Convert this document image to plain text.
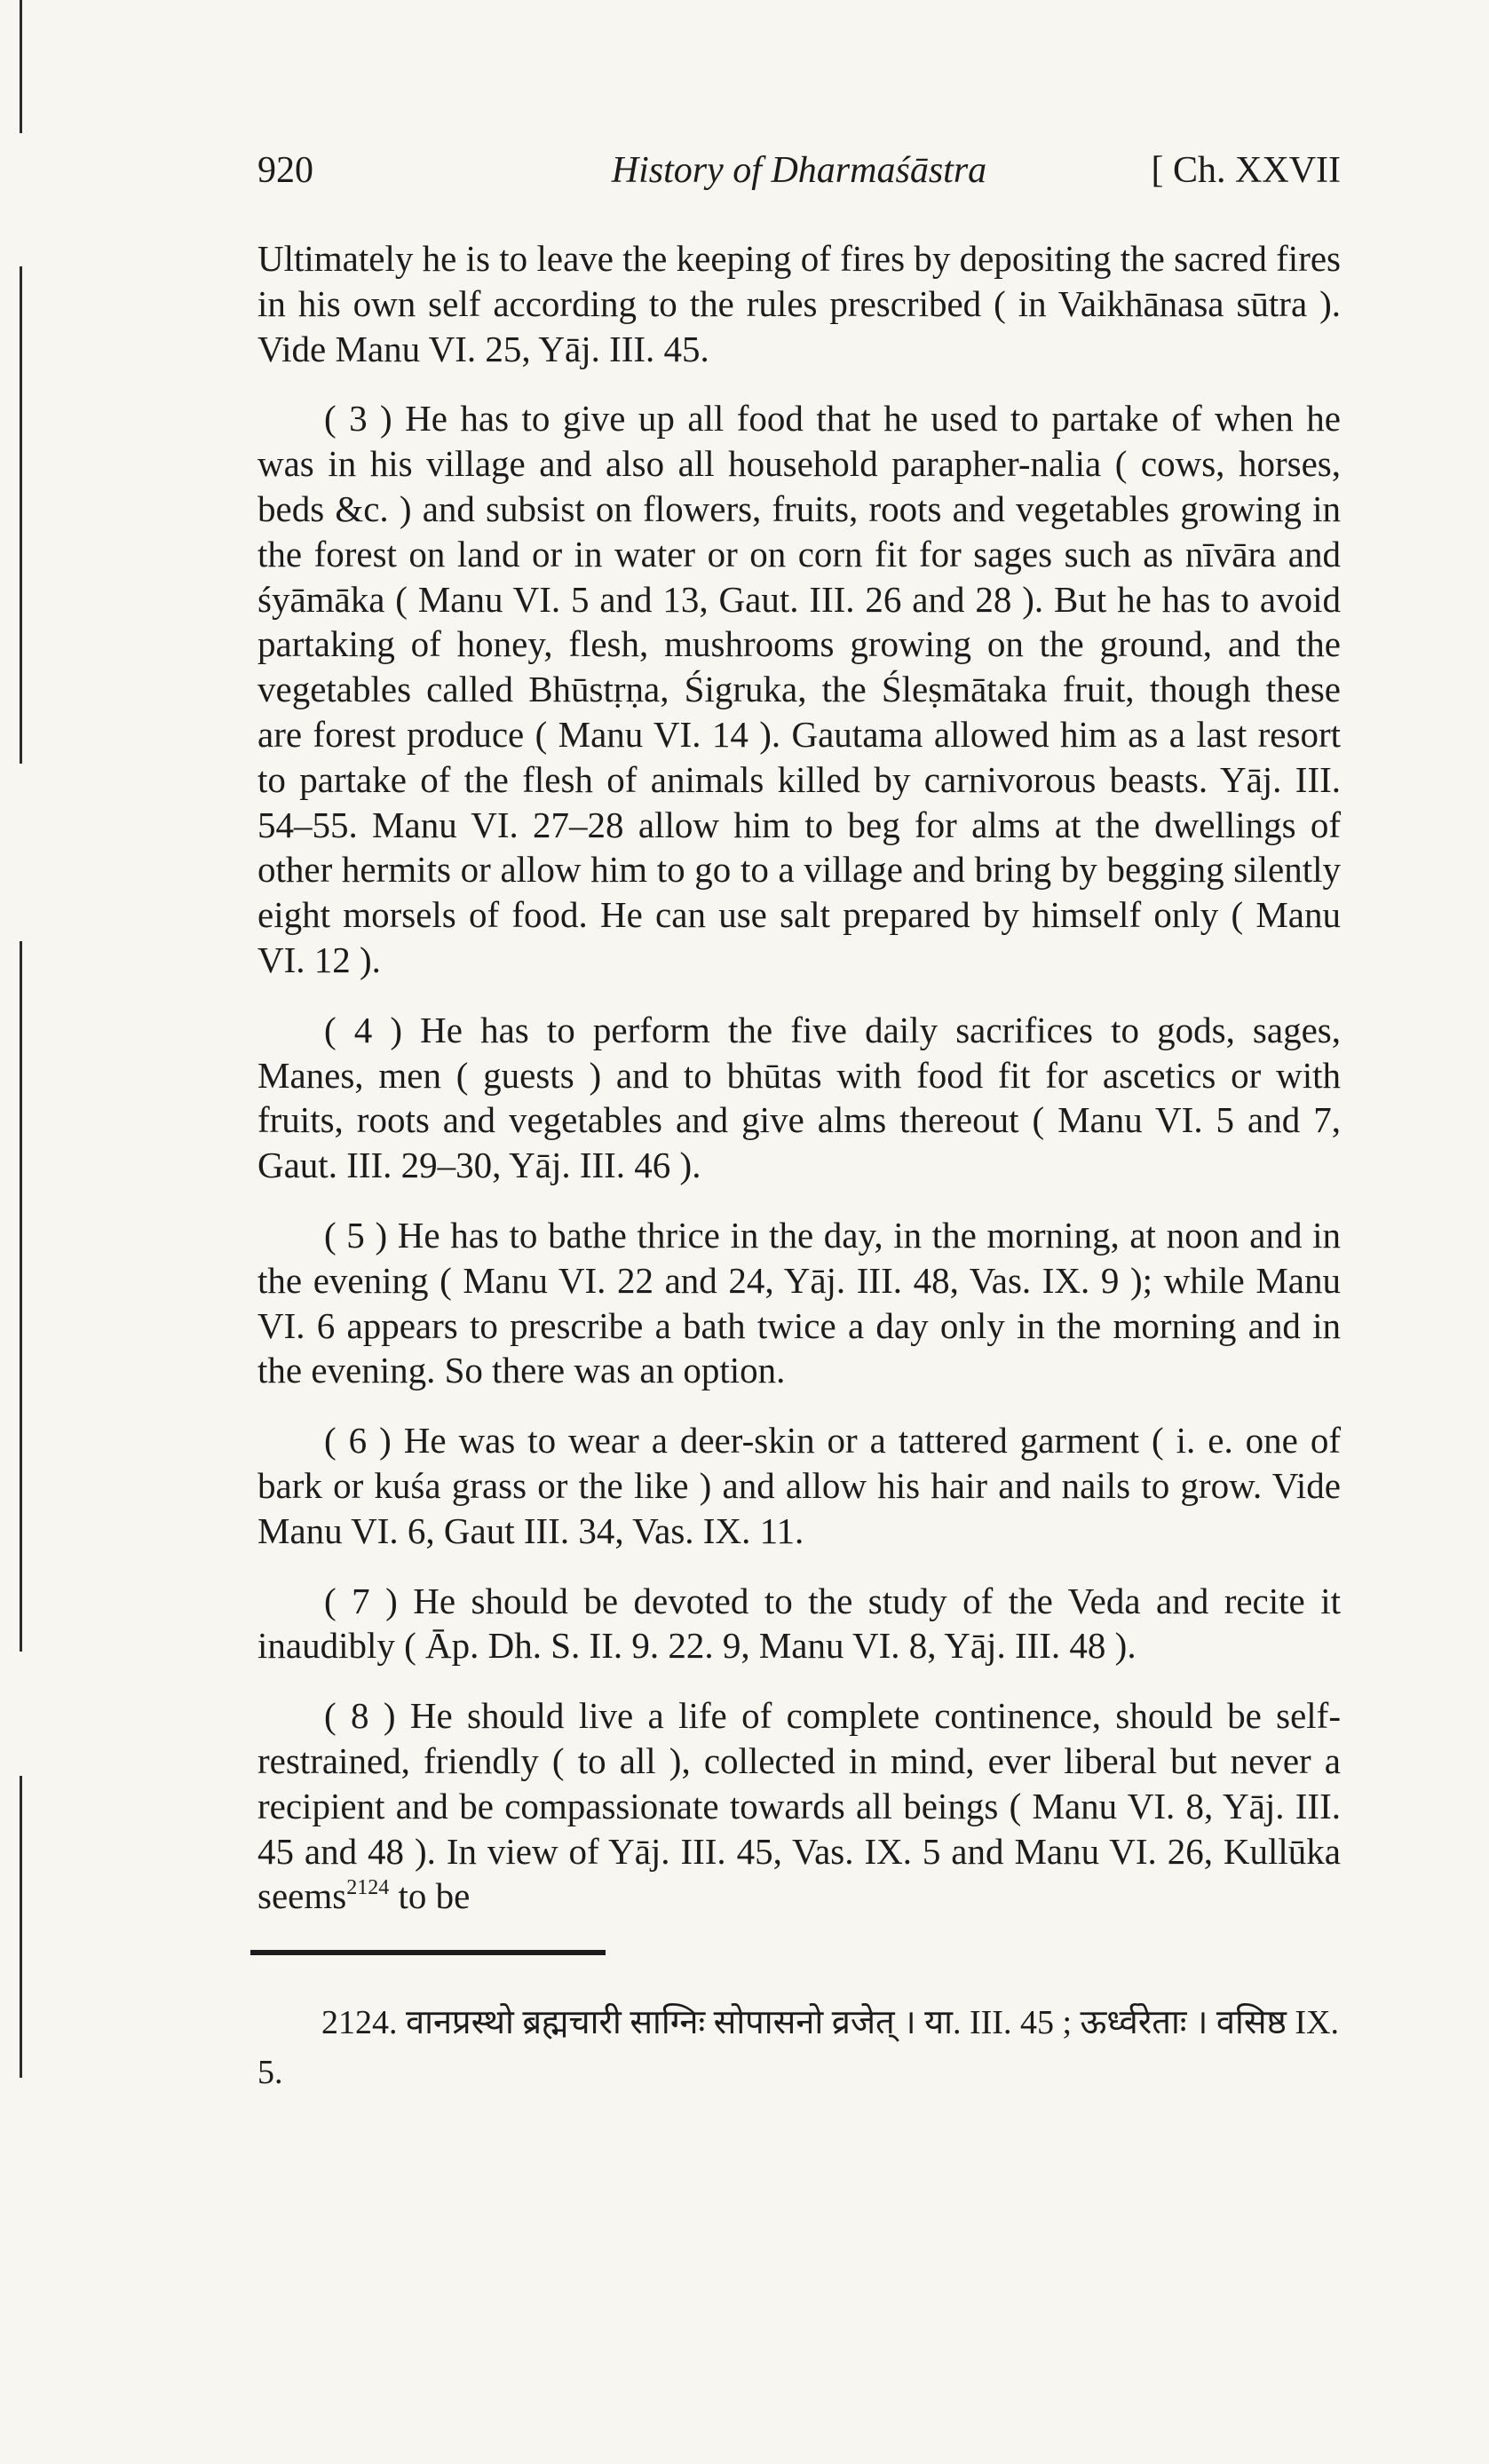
920	History of Dharmaśāstra	[ Ch. XXVII

Ultimately he is to leave the keeping of fires by depositing the sacred fires in his own self according to the rules prescribed ( in Vaikhānasa sūtra ). Vide Manu VI. 25, Yāj. III. 45.

( 3 ) He has to give up all food that he used to partake of when he was in his village and also all household parapher-nalia ( cows, horses, beds &c. ) and subsist on flowers, fruits, roots and vegetables growing in the forest on land or in water or on corn fit for sages such as nīvāra and śyāmāka ( Manu VI. 5 and 13, Gaut. III. 26 and 28 ). But he has to avoid partaking of honey, flesh, mushrooms growing on the ground, and the vegetables called Bhūstṛṇa, Śigruka, the Śleṣmātaka fruit, though these are forest produce ( Manu VI. 14 ). Gautama allowed him as a last resort to partake of the flesh of animals killed by carnivorous beasts. Yāj. III. 54–55. Manu VI. 27–28 allow him to beg for alms at the dwellings of other hermits or allow him to go to a village and bring by begging silently eight morsels of food. He can use salt prepared by himself only ( Manu VI. 12 ).

( 4 ) He has to perform the five daily sacrifices to gods, sages, Manes, men ( guests ) and to bhūtas with food fit for ascetics or with fruits, roots and vegetables and give alms thereout ( Manu VI. 5 and 7, Gaut. III. 29–30, Yāj. III. 46 ).

( 5 ) He has to bathe thrice in the day, in the morning, at noon and in the evening ( Manu VI. 22 and 24, Yāj. III. 48, Vas. IX. 9 ); while Manu VI. 6 appears to prescribe a bath twice a day only in the morning and in the evening. So there was an option.

( 6 ) He was to wear a deer-skin or a tattered garment ( i. e. one of bark or kuśa grass or the like ) and allow his hair and nails to grow. Vide Manu VI. 6, Gaut III. 34, Vas. IX. 11.

( 7 ) He should be devoted to the study of the Veda and recite it inaudibly ( Āp. Dh. S. II. 9. 22. 9, Manu VI. 8, Yāj. III. 48 ).

( 8 ) He should live a life of complete continence, should be self-restrained, friendly ( to all ), collected in mind, ever liberal but never a recipient and be compassionate towards all beings ( Manu VI. 8, Yāj. III. 45 and 48 ). In view of Yāj. III. 45, Vas. IX. 5 and Manu VI. 26, Kullūka seems$^{2124}$ to be

2124. वानप्रस्थो ब्रह्मचारी साग्निः सोपासनो व्रजेत् । या. III. 45 ; ऊर्ध्वरेताः । वसिष्ठ IX. 5.
